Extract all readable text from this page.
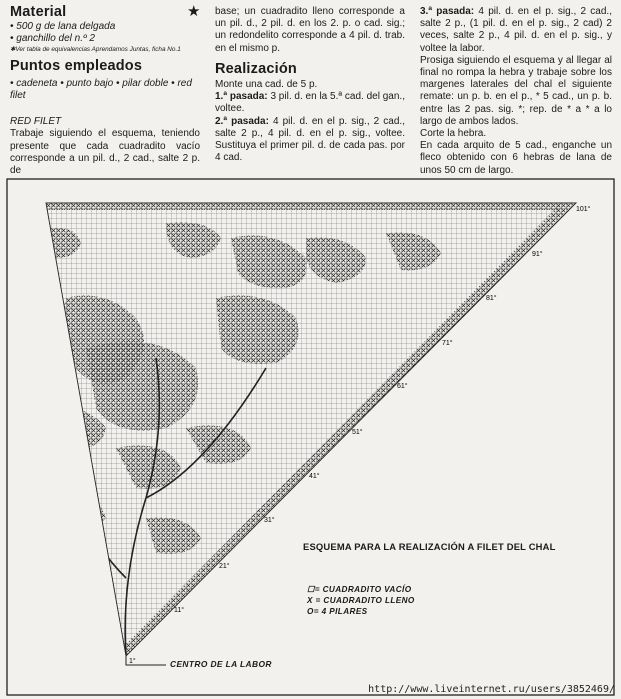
Material
• 500 g de lana delgada
• ganchillo del n.º 2
✱Ver tabla de equivalencias Aprendamos Juntas, ficha No.1
Puntos empleados
• cadeneta • punto bajo • pilar doble • red filet
RED FILET

Trabaje siguiendo el esquema, teniendo presente que cada cuadradito vacío corresponde a un pil. d., 2 cad., salte 2 p. de

★ base; un cuadradito lleno corresponde a un pil. d., 2 pil. d. en los 2. p. o cad. sig.; un redondelito corresponde a 4 pil. d. trab. en el mismo p.

Realización

Monte una cad. de 5 p.

1.ª pasada: 3 pil. d. en la 5.ª cad. del gan., voltee.

2.ª pasada: 4 pil. d. en el p. sig., 2 cad., salte 2 p., 4 pil. d. en el p. sig., voltee. Sustituya el primer pil. d. de cada pas. por 4 cad.

3.ª pasada: 4 pil. d. en el p. sig., 2 cad., salte 2 p., (1 pil. d. en el p. sig., 2 cad) 2 veces, salte 2 p., 4 pil. d. en el p. sig., y voltee la labor.

Prosiga siguiendo el esquema y al llegar al final no rompa la hebra y trabaje sobre los margenes laterales del chal el siguiente remate: un p. b. en el p., * 5 cad., un p. b. entre las 2 pas. sig. *; rep. de * a * a lo largo de ambos lados.

Corte la hebra.

En cada arquito de 5 cad., enganche un fleco obtenido con 6 hebras de lana de unos 50 cm de largo.

1°
11°
21°
31°
41°
51°
61°
71°
81°
91°
101°
ESQUEMA PARA LA REALIZACIÓN A FILET DEL CHAL
☐= CUADRADITO VACÍO
X = CUADRADITO LLENO
O= 4 PILARES
CENTRO DE LA LABOR
http://www.liveinternet.ru/users/3852469/
